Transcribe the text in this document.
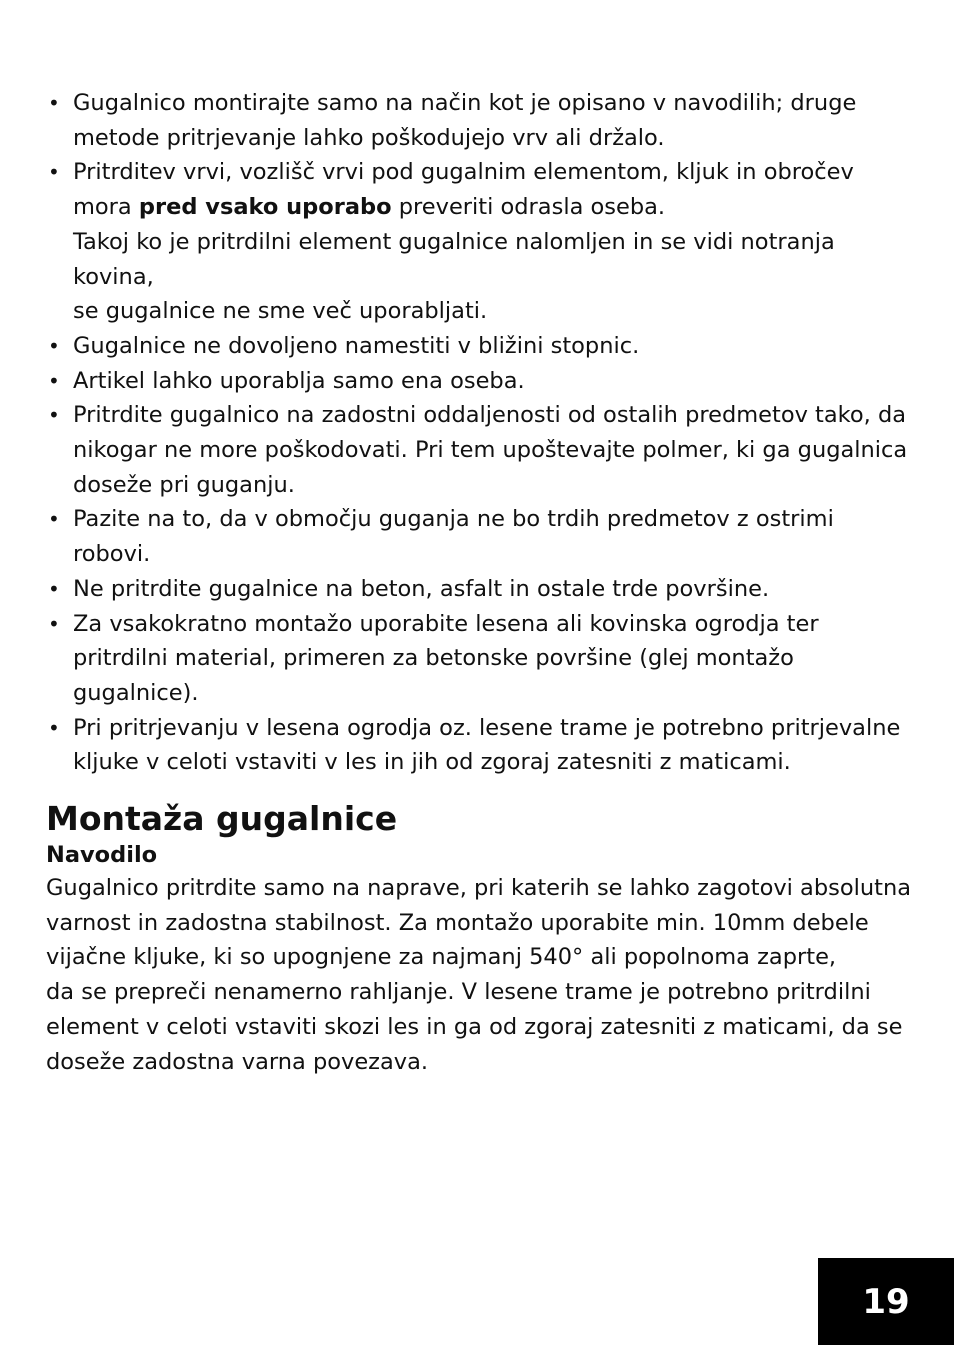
• Gugalnico montirajte samo na način kot je opisano v navodilih; druge
metode pritrjevanje lahko poškodujejo vrv ali držalo.
• Pritrditev vrvi, vozlišč vrvi pod gugalnim elementom, kljuk in obročev
mora pred vsako uporabo preveriti odrasla oseba.
Takoj ko je pritrdilni element gugalnice nalomljen in se vidi notranja kovina,
se gugalnice ne sme več uporabljati.
• Gugalnice ne dovoljeno namestiti v bližini stopnic.
• Artikel lahko uporablja samo ena oseba.
• Pritrdite gugalnico na zadostni oddaljenosti od ostalih predmetov tako, da
nikogar ne more poškodovati. Pri tem upoštevajte polmer, ki ga gugalnica
doseže pri guganju.
• Pazite na to, da v območju guganja ne bo trdih predmetov z ostrimi
robovi.
• Ne pritrdite gugalnice na beton, asfalt in ostale trde površine.
• Za vsakokratno montažo uporabite lesena ali kovinska ogrodja ter
pritrdilni material, primeren za betonske površine (glej montažo
gugalnice).
• Pri pritrjevanju v lesena ogrodja oz. lesene trame je potrebno pritrjevalne
kljuke v celoti vstaviti v les in jih od zgoraj zatesniti z maticami.
Montaža gugalnice
Navodilo

Gugalnico pritrdite samo na naprave, pri katerih se lahko zagotovi absolutna
varnost in zadostna stabilnost. Za montažo uporabite min. 10mm debele
vijačne kljuke, ki so upognjene za najmanj 540° ali popolnoma zaprte,
da se prepreči nenamerno rahljanje. V lesene trame je potrebno pritrdilni
element v celoti vstaviti skozi les in ga od zgoraj zatesniti z maticami, da se
doseže zadostna varna povezava.

19
